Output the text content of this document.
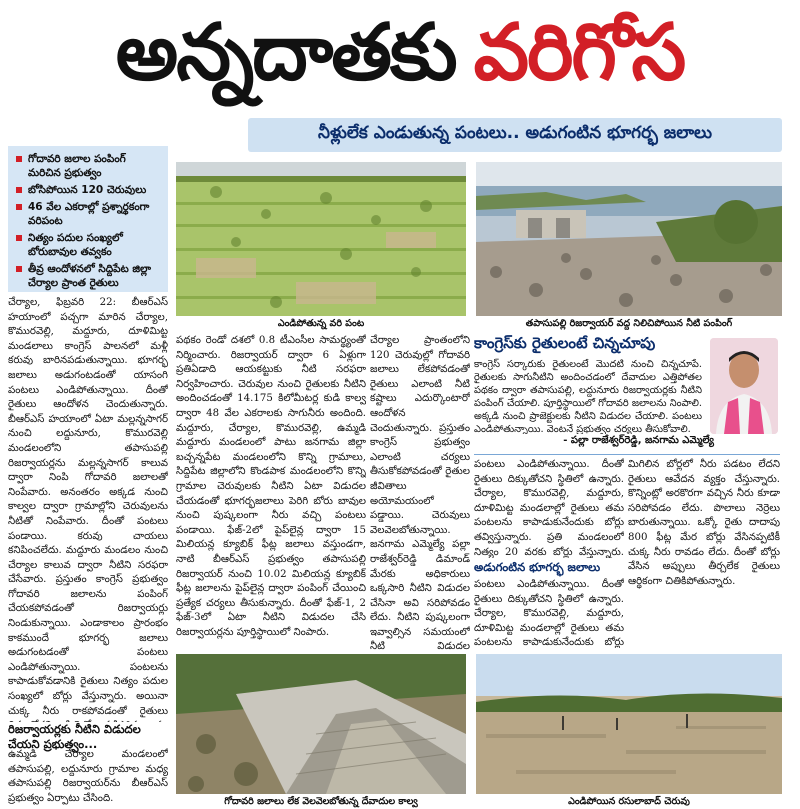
అన్నదాతకు వరిగోస
నీళ్లులేక ఎండుతున్న పంటలు.. అడుగంటిన భూగర్భ జలాలు
గోదావరి జలాల పంపింగ్ మరిచిన ప్రభుత్వం
బోసిపోయిన 120 చెరువులు
46 వేల ఎకరాల్లో ప్రశ్నార్థకంగా వరిపంట
నిత్యం పదుల సంఖ్యలో బోరుబావుల తవ్వకం
తీవ్ర ఆందోళనలో సిద్దిపేట జిల్లా చేర్యాల ప్రాంత రైతులు
చేర్యాల, ఫిబ్రవరి 22: బీఆర్‌ఎస్ హయాంలో పచ్చగా మారిన చేర్యాల, కొమురవెల్లి, మద్దూరు, దూళిమిట్ట మండలాలు కాంగ్రెస్ పాలనలో మళ్లీ కరువు బారినపడుతున్నాయి. భూగర్భ జలాలు అడుగంటడంతో యాసంగి పంటలు ఎండిపోతున్నాయి. దీంతో రైతులు ఆందోళన చెందుతున్నారు. బీఆర్‌ఎస్ హయాంలో ఏటా మల్లన్నసాగర్ నుంచి లద్దునూరు, కొమురవెల్లి మండలంలోని తపాసుపల్లి రిజర్వాయర్లను మల్లన్నసాగర్ కాలువ ద్వారా నింపి గోదావరి జలాలతో నింపేవారు. అనంతరం అక్కడ నుంచి కాల్వల ద్వారా గ్రామాల్లోని చెరువులను నీటితో నింపేవారు. దీంతో పంటలు పండాయి. కరువు చాయలు కనిపించలేదు. మద్దూరు మండలం నుంచి చేర్యాల కాలువ ద్వారా నీటిని సరఫరా చేసేవారు. ప్రస్తుతం కాంగ్రెస్ ప్రభుత్వం గోదావరి జలాలను పంపింగ్ చేయకపోవడంతో రిజర్వాయర్లు నిండుకున్నాయి. ఎండాకాలం ప్రారంభం కాకముందే భూగర్భ జలాలు అడుగంటడంతో పంటలు ఎండిపోతున్నాయి. పంటలను కాపాడుకోవడానికి రైతులు నిత్యం పదుల సంఖ్యలో బోర్లు వేస్తున్నారు. అయినా చుక్క నీరు రాకపోవడంతో రైతులు
రిజర్వాయర్లకు నీటిని విడుదల చేయని ప్రభుత్వం...
ఉమ్మడి చేర్యాల మండలంలో తపాసుపల్లి, లద్దునూరు గ్రామాల మధ్య తపాసుపల్లి రిజర్వాయర్‌ను బీఆర్‌ఎస్ ప్రభుత్వం ఏర్పాటు చేసింది.
ఎండిపోతున్న వరి పంట	తపాసుపల్లి రిజర్వాయర్ వద్ద నిలిచిపోయిన నీటి పంపింగ్
పథకం రెండో దశలో 0.8 టీఎంసీల సామర్థ్యంతో నిర్మించారు. రిజర్వాయర్ ద్వారా 6 ఏళ్లుగా ప్రతిఏడాది ఆయకట్టుకు నీటి సరఫరా నిర్వహించారు. చెరువుల నుంచి రైతులకు నీటిని అందించడంతో 14.175 కిలోమీటర్ల కుడి కాల్వ ద్వారా 48 వేల ఎకరాలకు సాగునీరు అందింది. మద్దూరు, చేర్యాల, కొమురవెల్లి, ఉమ్మడి మద్దూరు మండలంలో పాటు జనగామ జిల్లా బచ్చన్నపేట మండలంలోని కొన్ని గ్రామాలు, సిద్దిపేట జిల్లాలోని కొండపాక మండలంలోని కొన్ని గ్రామాల చెరువులకు నీటిని ఏటా విడుదల చేయడంతో భూగర్భజలాలు పెరిగి బోరు బావుల నుంచి పుష్కలంగా నీరు వచ్చి పంటలు పండాయి. ఫేజ్-2లో పైప్‌లైన్ల ద్వారా 15 మిలియన్ల క్యూబిక్ ఫీట్ల జలాలు వస్తుండగా, నాటి బీఆర్‌ఎస్ ప్రభుత్వం తపాసుపల్లి రిజర్వాయర్ నుంచి 10.02 మిలియన్ల క్యూబిక్ ఫీట్ల జలాలను పైప్‌లైన్ల ద్వారా పంపింగ్ చేయించి ప్రత్యేక చర్యలు తీసుకున్నారు. దీంతో ఫేజ్-1, 2 ఫేజ్-3లో ఏటా నీటిని విడుదల చేసి రిజర్వాయర్లను పూర్తిస్థాయిలో నింపారు.
చేర్యాల ప్రాంతంలోని 120 చెరువుల్లో గోదావరి జలాలు లేకపోవడంతో రైతులు ఎలాంటి నీటి కష్టాలు ఎదుర్కొంటారో ఆందోళన చెందుతున్నారు. ప్రస్తుతం కాంగ్రెస్ ప్రభుత్వం ఎలాంటి చర్యలు తీసుకోకపోవడంతో రైతుల జీవితాలు అయోమయంలో పడ్డాయి. చెరువులు వెలవెలబోతున్నాయి. జనగామ ఎమ్మెల్యే పల్లా రాజేశ్వర్‌రెడ్డి డిమాండ్ మేరకు అధికారులు ఒక్కసారి నీటిని విడుదల చేసినా అవి సరిపోవడం లేదు. నీటిని పుష్కలంగా ఇవ్వాల్సిన సమయంలో నీటి విడుదల
కాంగ్రెస్‌కు రైతులంటే చిన్నచూపు
కాంగ్రెస్ సర్కారుకు రైతులంటే మొదటి నుంచి చిన్నచూపే. రైతులకు సాగునీటిని అందించడంలో దేవాదుల ఎత్తిపోతల పథకం ద్వారా తపాసుపల్లి, లద్దునూరు రిజర్వాయర్లకు నీటిని పంపింగ్ చేయాలి. పూర్తిస్థాయిలో గోదావరి జలాలను నింపాలి. అక్కడి నుంచి ప్రాజెక్టులకు నీటిని విడుదల చేయాలి. పంటలు ఎండిపోతున్నాయి. వెంటనే ప్రభుత్వం చర్యలు తీసుకోవాలి.
- పల్లా రాజేశ్వర్‌రెడ్డి, జనగామ ఎమ్మెల్యే
అడుగంటిన భూగర్భ జలాలు
పంటలు ఎండిపోతున్నాయి. దీంతో రైతులు దిక్కుతోచని స్థితిలో ఉన్నారు. చేర్యాల, కొమురవెల్లి, మద్దూరు, దూళిమిట్ట మండలాల్లో రైతులు తమ పంటలను కాపాడుకునేందుకు బోర్లు తవ్విస్తున్నారు. ప్రతి మండలంలో నిత్యం 20 వరకు బోర్లు వేస్తున్నారు.
పంటలు ఎండిపోతున్నాయి. దీంతో రైతులు దిక్కుతోచని స్థితిలో ఉన్నారు. చేర్యాల, కొమురవెల్లి, మద్దూరు, దూళిమిట్ట మండలాల్లో రైతులు తమ పంటలను కాపాడుకునేందుకు బోర్లు
మిగిలిన బోర్లలో నీరు పడటం లేదని రైతులు ఆవేదన వ్యక్తం చేస్తున్నారు. కొన్నింట్లో అరకొరగా వచ్చిన నీరు కూడా సరిపోవడం లేదు. పొలాలు నెర్రెలు బారుతున్నాయి. ఒక్కో రైతు దాదాపు 800 ఫీట్ల మేర బోర్లు వేసినప్పటికీ చుక్క నీరు రావడం లేదు. దీంతో బోర్లు వేసిన అప్పులు తీర్చలేక రైతులు ఆర్థికంగా చితికిపోతున్నారు.
గోదావరి జలాలు లేక వెలవెలబోతున్న దేవాదుల కాల్వ	ఎండిపోయిన రసులాబాద్ చెరువు
